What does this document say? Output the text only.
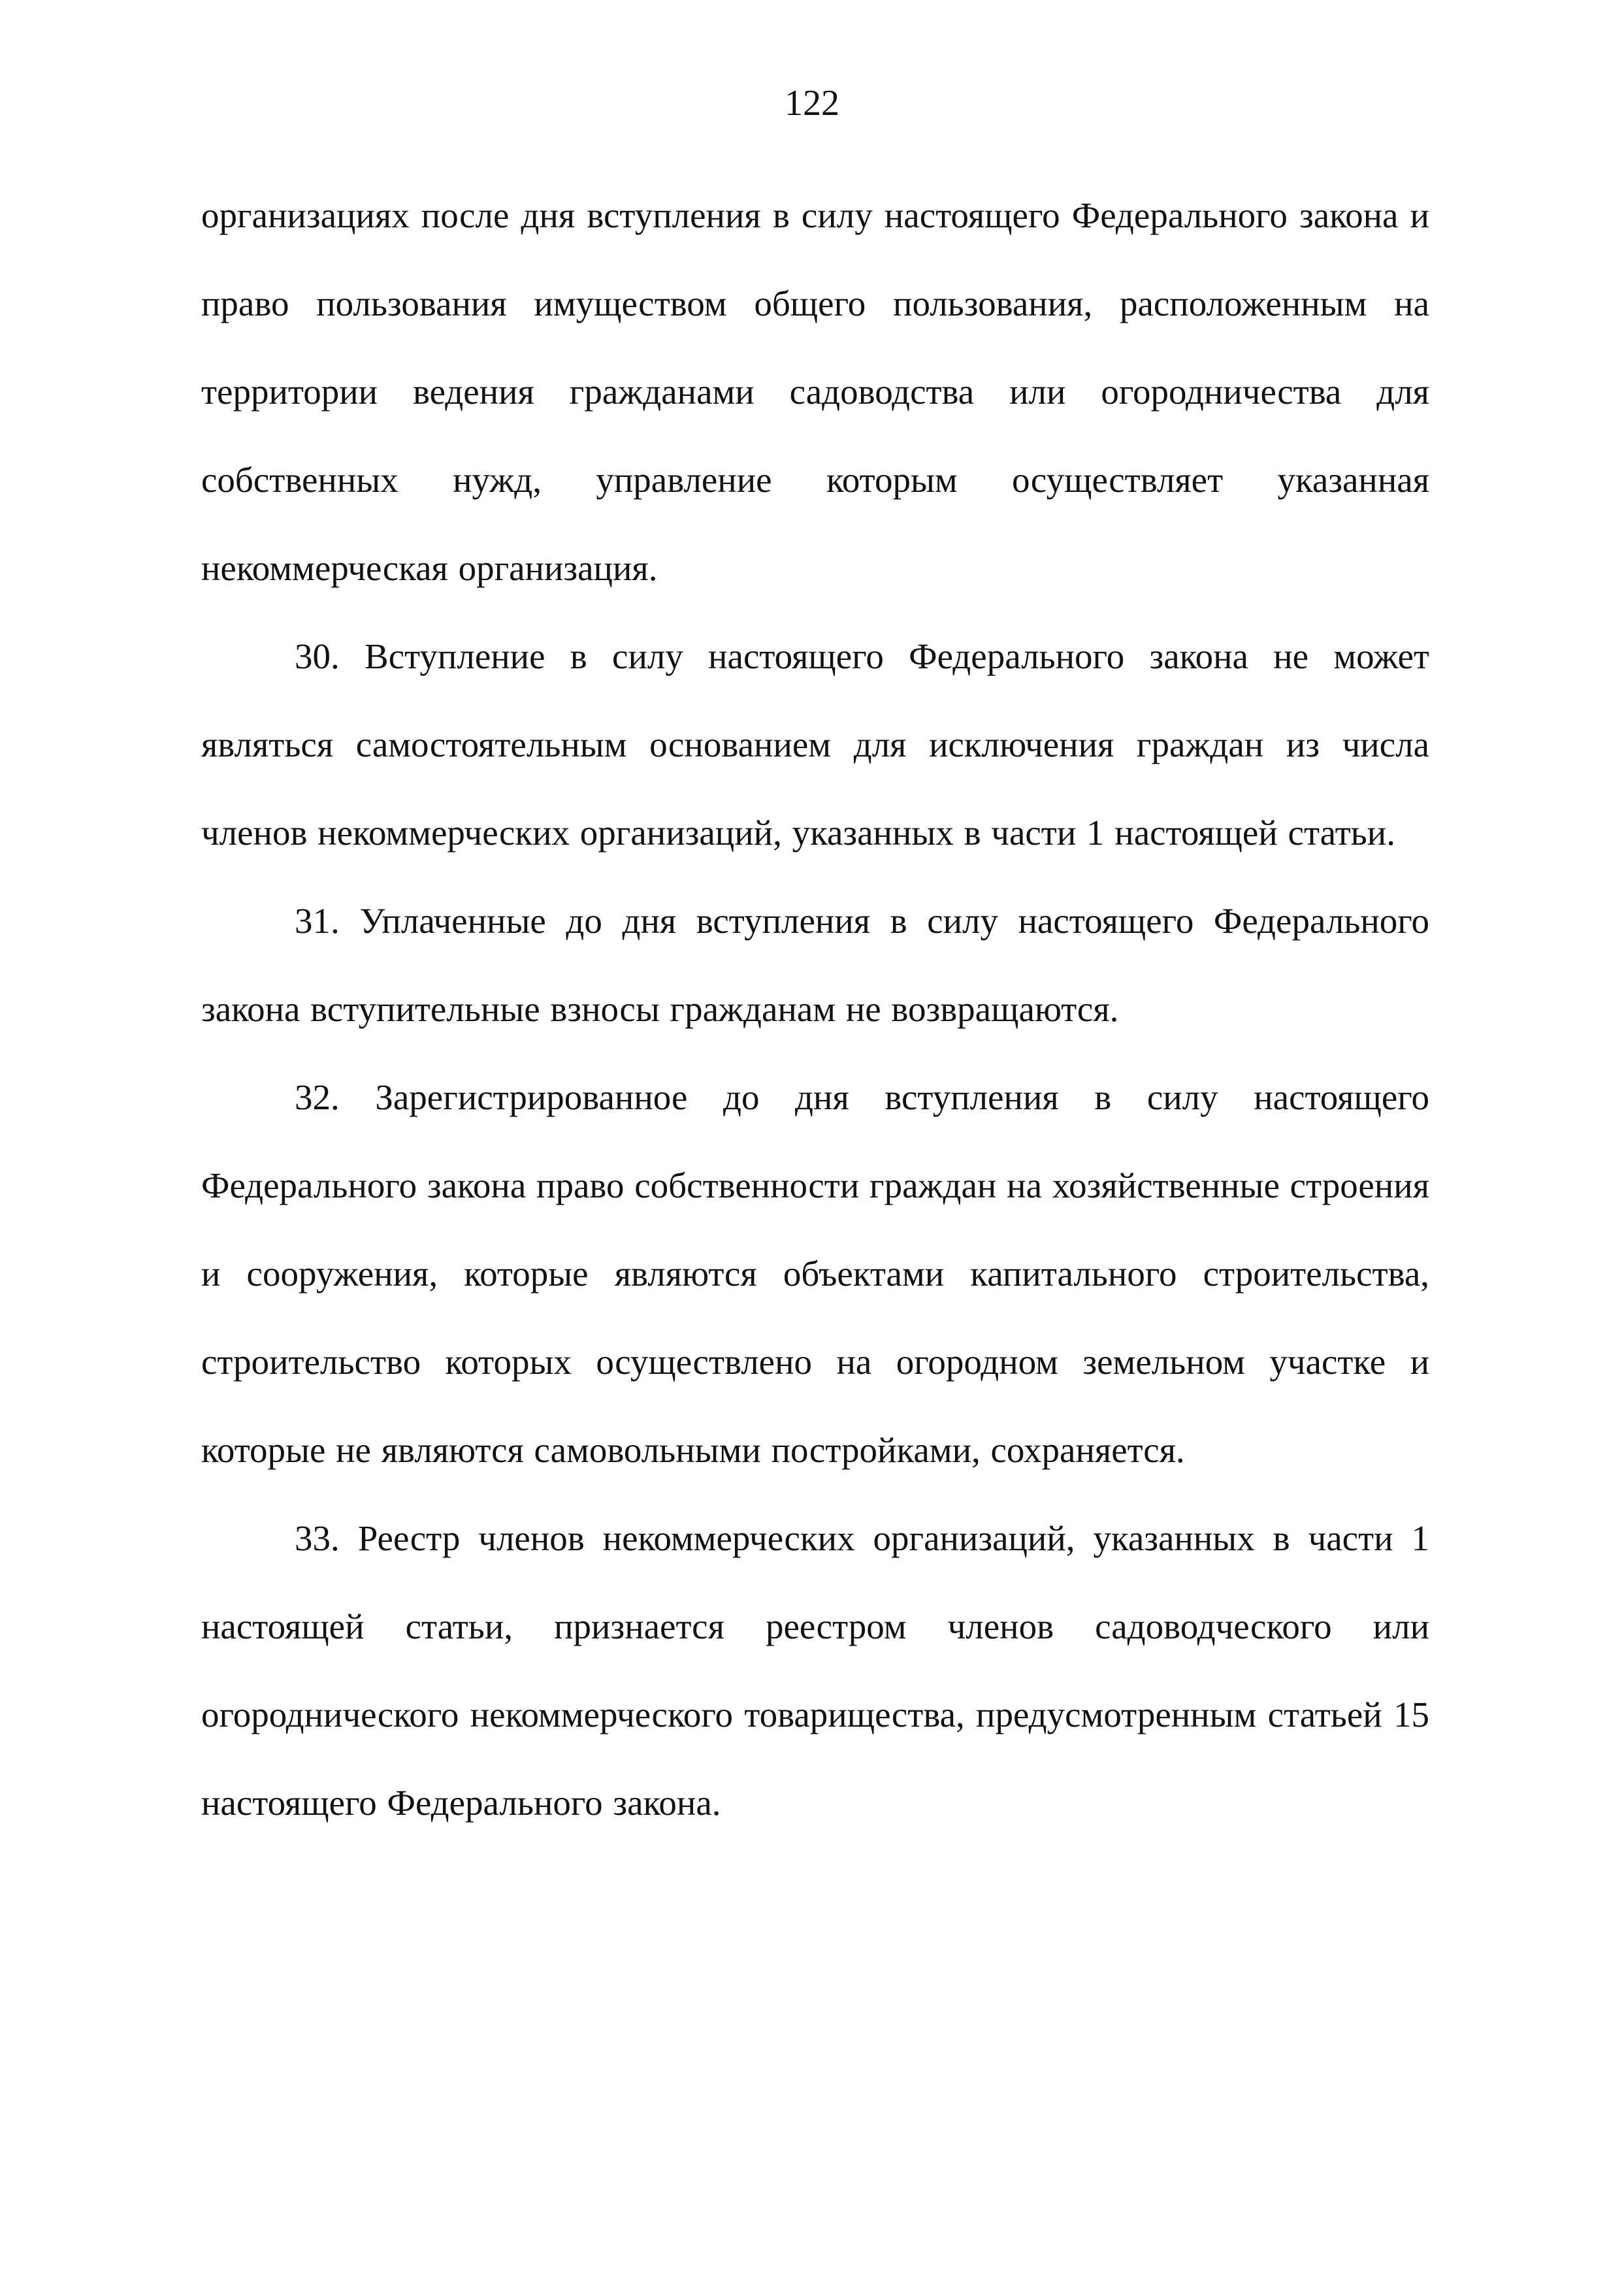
122

организациях после дня вступления в силу настоящего Федерального закона и право пользования имуществом общего пользования, расположенным на территории ведения гражданами садоводства или огородничества для собственных нужд, управление которым осуществляет указанная некоммерческая организация.

30. Вступление в силу настоящего Федерального закона не может являться самостоятельным основанием для исключения граждан из числа членов некоммерческих организаций, указанных в части 1 настоящей статьи.

31. Уплаченные до дня вступления в силу настоящего Федерального закона вступительные взносы гражданам не возвращаются.

32. Зарегистрированное до дня вступления в силу настоящего Федерального закона право собственности граждан на хозяйственные строения и сооружения, которые являются объектами капитального строительства, строительство которых осуществлено на огородном земельном участке и которые не являются самовольными постройками, сохраняется.

33. Реестр членов некоммерческих организаций, указанных в части 1 настоящей статьи, признается реестром членов садоводческого или огороднического некоммерческого товарищества, предусмотренным статьей 15 настоящего Федерального закона.
